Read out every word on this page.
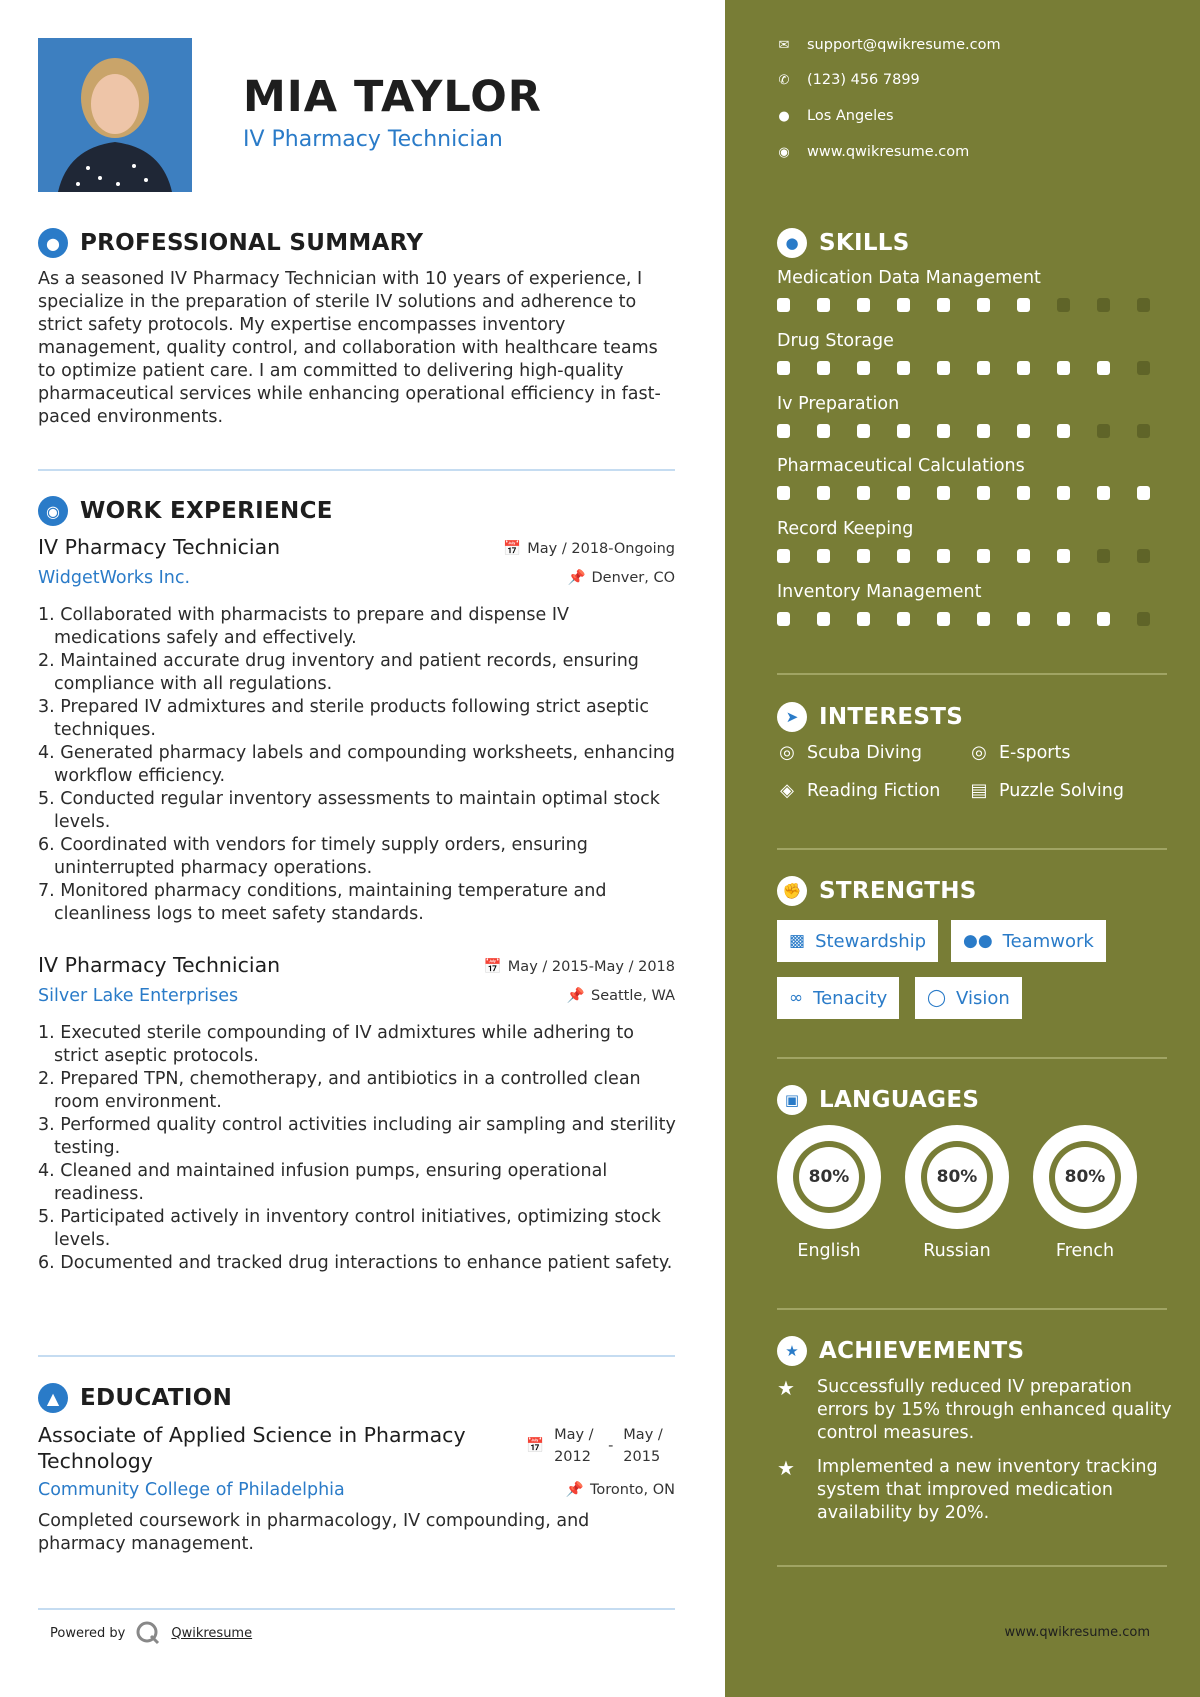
MIA TAYLOR
IV Pharmacy Technician
● PROFESSIONAL SUMMARY
As a seasoned IV Pharmacy Technician with 10 years of experience, I specialize in the preparation of sterile IV solutions and adherence to strict safety protocols. My expertise encompasses inventory management, quality control, and collaboration with healthcare teams to optimize patient care. I am committed to delivering high-quality pharmaceutical services while enhancing operational efficiency in fast-paced environments.
◉ WORK EXPERIENCE
IV Pharmacy Technician	📅 May / 2018-Ongoing
WidgetWorks Inc.	📌 Denver, CO
1. Collaborated with pharmacists to prepare and dispense IV medications safely and effectively.
2. Maintained accurate drug inventory and patient records, ensuring compliance with all regulations.
3. Prepared IV admixtures and sterile products following strict aseptic techniques.
4. Generated pharmacy labels and compounding worksheets, enhancing workflow efficiency.
5. Conducted regular inventory assessments to maintain optimal stock levels.
6. Coordinated with vendors for timely supply orders, ensuring uninterrupted pharmacy operations.
7. Monitored pharmacy conditions, maintaining temperature and cleanliness logs to meet safety standards.
IV Pharmacy Technician	📅 May / 2015-May / 2018
Silver Lake Enterprises	📌 Seattle, WA
1. Executed sterile compounding of IV admixtures while adhering to strict aseptic protocols.
2. Prepared TPN, chemotherapy, and antibiotics in a controlled clean room environment.
3. Performed quality control activities including air sampling and sterility testing.
4. Cleaned and maintained infusion pumps, ensuring operational readiness.
5. Participated actively in inventory control initiatives, optimizing stock levels.
6. Documented and tracked drug interactions to enhance patient safety.
▲ EDUCATION
Associate of Applied Science in Pharmacy Technology
📅
May / 2012
-
May / 2015
Community College of Philadelphia	📌 Toronto, ON
Completed coursework in pharmacology, IV compounding, and pharmacy management.
Powered by	Qwikresume
✉ support@qwikresume.com
✆ (123) 456 7899
● Los Angeles
◉ www.qwikresume.com
● SKILLS
Medication Data Management
Drug Storage
Iv Preparation
Pharmaceutical Calculations
Record Keeping
Inventory Management
➤ INTERESTS
◎ Scuba Diving	◎ E-sports
◈ Reading Fiction ▤ Puzzle Solving
✊ STRENGTHS
▩ Stewardship ●● Teamwork
∞ Tenacity ◯ Vision
▣ LANGUAGES
80%
English
80%
Russian
80%
French
★ ACHIEVEMENTS
★	Successfully reduced IV preparation errors by 15% through enhanced quality control measures.
★	Implemented a new inventory tracking system that improved medication availability by 20%.
www.qwikresume.com
